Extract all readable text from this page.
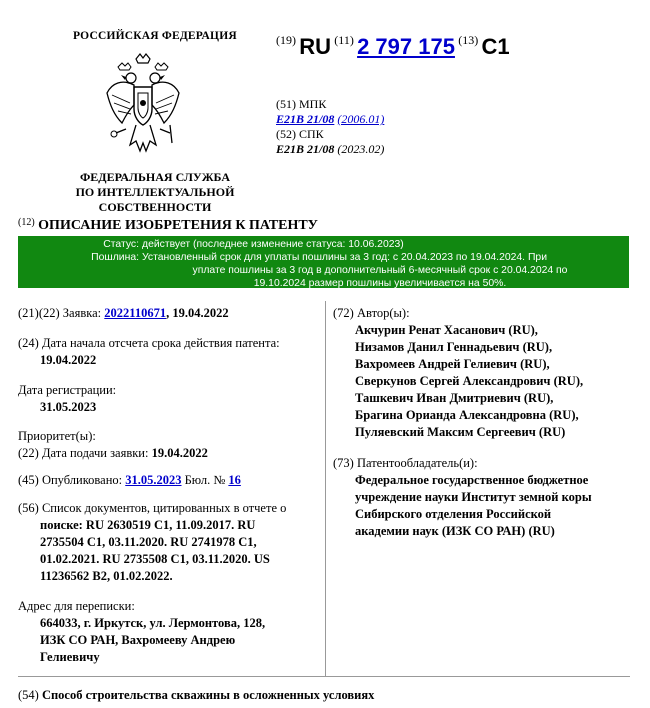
РОССИЙСКАЯ ФЕДЕРАЦИЯ
ФЕДЕРАЛЬНАЯ СЛУЖБА
ПО ИНТЕЛЛЕКТУАЛЬНОЙ СОБСТВЕННОСТИ
(19) RU (11) 2 797 175 (13) C1
(51) МПК
E21B 21/08 (2006.01)
(52) СПК
E21B 21/08 (2023.02)
$^{(12)}$ ОПИСАНИЕ ИЗОБРЕТЕНИЯ К ПАТЕНТУ
Статус: действует (последнее изменение статуса: 10.06.2023)
Пошлина: Установленный срок для уплаты пошлины за 3 год: с 20.04.2023 по 19.04.2024. При
уплате пошлины за 3 год в дополнительный 6-месячный срок с 20.04.2024 по
19.10.2024 размер пошлины увеличивается на 50%.
(21)(22) Заявка: 2022110671, 19.04.2022
(24) Дата начала отсчета срока действия патента:
19.04.2022
Дата регистрации:
31.05.2023
Приоритет(ы):
(22) Дата подачи заявки: 19.04.2022
(45) Опубликовано: 31.05.2023 Бюл. № 16
(56) Список документов, цитированных в отчете о
поиске: RU 2630519 C1, 11.09.2017. RU
2735504 C1, 03.11.2020. RU 2741978 C1,
01.02.2021. RU 2735508 C1, 03.11.2020. US
11236562 B2, 01.02.2022.
Адрес для переписки:
664033, г. Иркутск, ул. Лермонтова, 128,
ИЗК СО РАН, Вахромееву Андрею
Гелиевичу
(72) Автор(ы):
Акчурин Ренат Хасанович (RU),
Низамов Данил Геннадьевич (RU),
Вахромеев Андрей Гелиевич (RU),
Сверкунов Сергей Александрович (RU),
Ташкевич Иван Дмитриевич (RU),
Брагина Орианда Александровна (RU),
Пуляевский Максим Сергеевич (RU)
(73) Патентообладатель(и):
Федеральное государственное бюджетное
учреждение науки Институт земной коры
Сибирского отделения Российской
академии наук (ИЗК СО РАН) (RU)
(54) Способ строительства скважины в осложненных условиях
